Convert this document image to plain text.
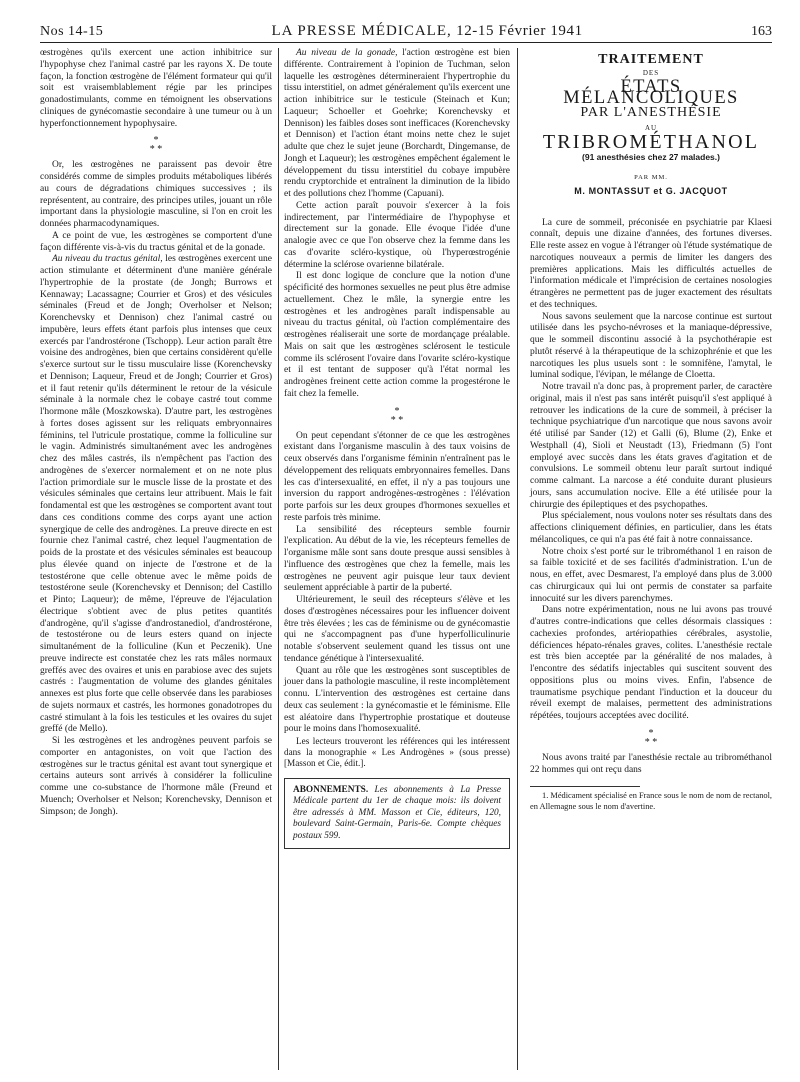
Nos 14-15	LA PRESSE MÉDICALE, 12-15 Février 1941	163

œstrogènes qu'ils exercent une action inhibitrice sur l'hypophyse chez l'animal castré par les rayons X. De toute façon, la fonction œstrogène de l'élément formateur qui qu'il soit est vraisemblablement régie par les principes gonadostimulants, comme en témoignent les observations cliniques de gynécomastie secondaire à une tumeur ou à un hyperfonctionnement hypophysaire.

*
* *

Or, les œstrogènes ne paraissent pas devoir être considérés comme de simples produits métaboliques libérés au cours de dégradations chimiques successives ; ils représentent, au contraire, des principes utiles, jouant un rôle important dans la physiologie masculine, si l'on en croit les données pharmacodynamiques.

A ce point de vue, les œstrogènes se comportent d'une façon différente vis-à-vis du tractus génital et de la gonade.

Au niveau du tractus génital, les œstrogènes exercent une action stimulante et déterminent d'une manière générale l'hypertrophie de la prostate (de Jongh; Burrows et Kennaway; Lacassagne; Courrier et Gros) et des vésicules séminales (Freud et de Jongh; Overholser et Nelson; Korenchevsky et Dennison) chez l'animal castré ou impubère, leurs effets étant parfois plus intenses que ceux exercés par l'androstérone (Tschopp). Leur action paraît être voisine des androgènes, bien que certains considèrent qu'elle s'exerce surtout sur le tissu musculaire lisse (Korenchevsky et Dennison; Laqueur, Freud et de Jongh; Courrier et Gros) et il faut retenir qu'ils déterminent le retour de la vésicule séminale à la normale chez le cobaye castré tout comme l'hormone mâle (Moszkowska). D'autre part, les œstrogènes à fortes doses agissent sur les reliquats embryonnaires féminins, tel l'utricule prostatique, comme la folliculine sur le vagin. Administrés simultanément avec les androgènes chez des mâles castrés, ils n'empêchent pas l'action des androgènes de s'exercer normalement et on ne note plus l'action primordiale sur le muscle lisse de la prostate et des vésicules séminales que certains leur attribuent. Mais le fait fondamental est que les œstrogènes se comportent avant tout dans ces conditions comme des corps ayant une action synergique de celle des androgènes. La preuve directe en est fournie chez l'animal castré, chez lequel l'augmentation de poids de la prostate et des vésicules séminales est beaucoup plus élevée quand on injecte de l'œstrone et de la testostérone que celle obtenue avec le même poids de testostérone seule (Korenchevsky et Dennison; del Castillo et Pinto; Laqueur); de même, l'épreuve de l'éjaculation électrique s'obtient avec de plus petites quantités d'androgène, qu'il s'agisse d'androstanediol, d'androstérone, de testostérone ou de leurs esters quand on injecte simultanément de la folliculine (Kun et Peczenik). Une preuve indirecte est constatée chez les rats mâles normaux greffés avec des ovaires et unis en parabiose avec des sujets castrés : l'augmentation de volume des glandes génitales annexes est plus forte que celle observée dans les parabioses de sujets normaux et castrés, les hormones gonadotropes du castré stimulant à la fois les testicules et les ovaires du sujet greffé (de Mello).

Si les œstrogènes et les androgènes peuvent parfois se comporter en antagonistes, on voit que l'action des œstrogènes sur le tractus génital est avant tout synergique et certains auteurs sont arrivés à considérer la folliculine comme une co-substance de l'hormone mâle (Freund et Muench; Overholser et Nelson; Korenchevsky, Dennison et Simpson; de Jongh).

Au niveau de la gonade, l'action œstrogène est bien différente. Contrairement à l'opinion de Tuchman, selon laquelle les œstrogènes détermineraient l'hypertrophie du tissu interstitiel, on admet généralement qu'ils exercent une action inhibitrice sur le testicule (Steinach et Kun; Laqueur; Schoeller et Goehrke; Korenchevsky et Dennison) les faibles doses sont inefficaces (Korenchevsky et Dennison) et l'action étant moins nette chez le sujet adulte que chez le sujet jeune (Borchardt, Dingemanse, de Jongh et Laqueur); les œstrogènes empêchent également le développement du tissu interstitiel du cobaye impubère rendu cryptorchide et entraînent la diminution de la libido et des pollutions chez l'homme (Capuani).

Cette action paraît pouvoir s'exercer à la fois indirectement, par l'intermédiaire de l'hypophyse et directement sur la gonade. Elle évoque l'idée d'une analogie avec ce que l'on observe chez la femme dans les cas d'ovarite scléro-kystique, où l'hyperœstrogénie détermine la sclérose ovarienne bilatérale.

Il est donc logique de conclure que la notion d'une spécificité des hormones sexuelles ne peut plus être admise actuellement. Chez le mâle, la synergie entre les œstrogènes et les androgènes paraît indispensable au niveau du tractus génital, où l'action complémentaire des œstrogènes réaliserait une sorte de mordançage préalable. Mais on sait que les œstrogènes sclérosent le testicule comme ils sclérosent l'ovaire dans l'ovarite scléro-kystique et il est tentant de supposer qu'à l'état normal les androgènes freinent cette action comme la progestérone le fait chez la femelle.

*
* *

On peut cependant s'étonner de ce que les œstrogènes existant dans l'organisme masculin à des taux voisins de ceux observés dans l'organisme féminin n'entraînent pas le développement des reliquats embryonnaires femelles. Dans les cas d'intersexualité, en effet, il n'y a pas toujours une inversion du rapport androgènes-œstrogènes : l'élévation porte parfois sur les deux groupes d'hormones sexuelles et reste parfois très minime.

La sensibilité des récepteurs semble fournir l'explication. Au début de la vie, les récepteurs femelles de l'organisme mâle sont sans doute presque aussi sensibles à l'influence des œstrogènes que chez la femelle, mais les œstrogènes ne peuvent agir puisque leur taux devient seulement appréciable à partir de la puberté.

Ultérieurement, le seuil des récepteurs s'élève et les doses d'œstrogènes nécessaires pour les influencer doivent être très élevées ; les cas de féminisme ou de gynécomastie qui ne s'accompagnent pas d'une hyperfolliculinurie notable s'observent seulement quand les tissus ont une tendance génétique à l'intersexualité.

Quant au rôle que les œstrogènes sont susceptibles de jouer dans la pathologie masculine, il reste incomplètement connu. L'intervention des œstrogènes est certaine dans deux cas seulement : la gynécomastie et le féminisme. Elle est aléatoire dans l'hypertrophie prostatique et douteuse pour le moins dans l'homosexualité.

Les lecteurs trouveront les références qui les intéressent dans la monographie « Les Androgènes » (sous presse) [Masson et Cie, édit.].

ABONNEMENTS. Les abonnements à La Presse Médicale partent du 1er de chaque mois: ils doivent être adressés à MM. Masson et Cie, éditeurs, 120, boulevard Saint-Germain, Paris-6e. Compte chèques postaux 599.
TRAITEMENT
DES
ÉTATS MÉLANCOLIQUES
PAR L'ANESTHÉSIE
AU
TRIBROMÉTHANOL
(91 anesthésies chez 27 malades.)
PAR MM.
M. MONTASSUT et G. JACQUOT

La cure de sommeil, préconisée en psychiatrie par Klaesi connaît, depuis une dizaine d'années, des fortunes diverses. Elle reste assez en vogue à l'étranger où l'étude systématique de narcotiques nouveaux a permis de limiter les dangers des premières applications. Mais les difficultés actuelles de l'information médicale et l'imprécision de certaines nosologies étrangères ne permettent pas de juger exactement des résultats et des techniques.

Nous savons seulement que la narcose continue est surtout utilisée dans les psycho-névroses et la maniaque-dépressive, que le sommeil discontinu associé à la psychothérapie est plutôt réservé à la thérapeutique de la schizophrénie et que les narcotiques les plus usuels sont : le somnifène, l'amytal, le luminal sodique, l'évipan, le mélange de Cloetta.

Notre travail n'a donc pas, à proprement parler, de caractère original, mais il n'est pas sans intérêt puisqu'il s'est appliqué à retrouver les indications de la cure de sommeil, à préciser la technique psychiatrique d'un narcotique que nous savons avoir été utilisé par Sander (12) et Galli (6), Blume (2), Enke et Westphall (4), Sioli et Neustadt (13), Friedmann (5) l'ont employé avec succès dans les états graves d'agitation et de convulsions. Le sommeil obtenu leur paraît surtout indiqué comme calmant. La narcose a été conduite durant plusieurs jours, sans accumulation nocive. Elle a été utilisée pour la chirurgie des épileptiques et des psychopathes.

Plus spécialement, nous voulons noter ses résultats dans des affections cliniquement définies, en particulier, dans les états mélancoliques, ce qui n'a pas été fait à notre connaissance.

Notre choix s'est porté sur le tribrométhanol 1 en raison de sa faible toxicité et de ses facilités d'administration. L'un de nous, en effet, avec Desmarest, l'a employé dans plus de 3.000 cas chirurgicaux qui lui ont permis de constater sa parfaite innocuité sur les divers parenchymes.

Dans notre expérimentation, nous ne lui avons pas trouvé d'autres contre-indications que celles désormais classiques : cachexies profondes, artériopathies cérébrales, asystolie, déficiences hépato-rénales graves, colites. L'anesthésie rectale est très bien acceptée par la généralité de nos malades, à l'encontre des sédatifs injectables qui suscitent souvent des oppositions plus ou moins vives. Enfin, l'absence de traumatisme psychique pendant l'induction et la douceur du réveil exempt de malaises, permettent des administrations répétées, toujours acceptées avec docilité.

*
* *

Nous avons traité par l'anesthésie rectale au tribrométhanol 22 hommes qui ont reçu dans

1. Médicament spécialisé en France sous le nom de nom de rectanol, en Allemagne sous le nom d'avertine.
